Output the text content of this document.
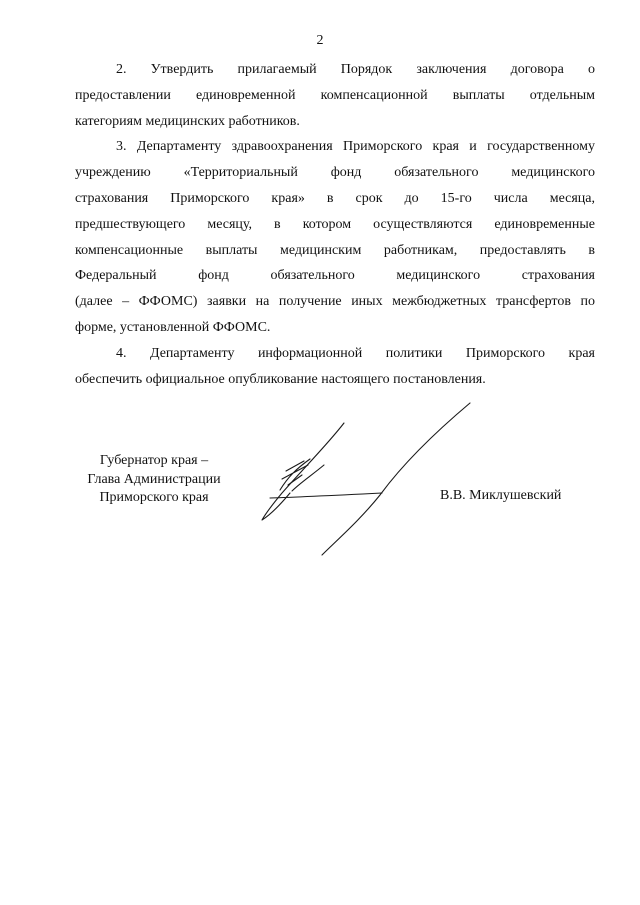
2

2. Утвердить прилагаемый Порядок заключения договора о
предоставлении единовременной компенсационной выплаты отдельным
категориям медицинских работников.

3. Департаменту здравоохранения Приморского края и государственному
учреждению «Территориальный фонд обязательного медицинского
страхования Приморского края» в срок до 15-го числа месяца,
предшествующего месяцу, в котором осуществляются единовременные
компенсационные выплаты медицинским работникам, предоставлять в
Федеральный фонд обязательного медицинского страхования
(далее – ФФОМС) заявки на получение иных межбюджетных трансфертов по
форме, установленной ФФОМС.

4. Департаменту информационной политики Приморского края
обеспечить официальное опубликование настоящего постановления.

Губернатор края –
Глава Администрации
Приморского края	В.В. Миклушевский
